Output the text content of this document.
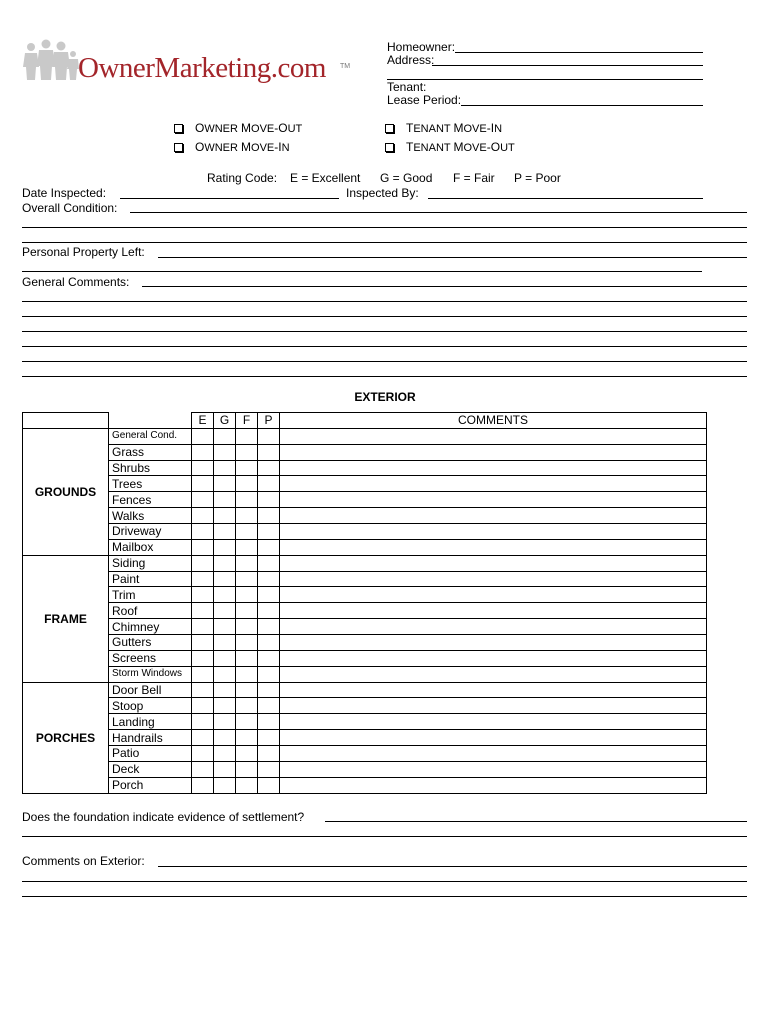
OwnerMarketing.com TM
Homeowner:
Address:
Tenant:
Lease Period:
OWNER MOVE-OUT
OWNER MOVE-IN
TENANT MOVE-IN
TENANT MOVE-OUT
Rating Code: E = Excellent G = Good F = Fair P = Poor
Date Inspected:	Inspected By:
Overall Condition:
Personal Property Left:
General Comments:
EXTERIOR
		E	G	F	P	COMMENTS
GROUNDS	General Cond.					
	Grass					
	Shrubs					
	Trees					
	Fences					
	Walks					
	Driveway					
	Mailbox					
FRAME	Siding					
	Paint					
	Trim					
	Roof					
	Chimney					
	Gutters					
	Screens					
	Storm Windows					
PORCHES	Door Bell					
	Stoop					
	Landing					
	Handrails					
	Patio					
	Deck					
	Porch					
Does the foundation indicate evidence of settlement?
Comments on Exterior:
